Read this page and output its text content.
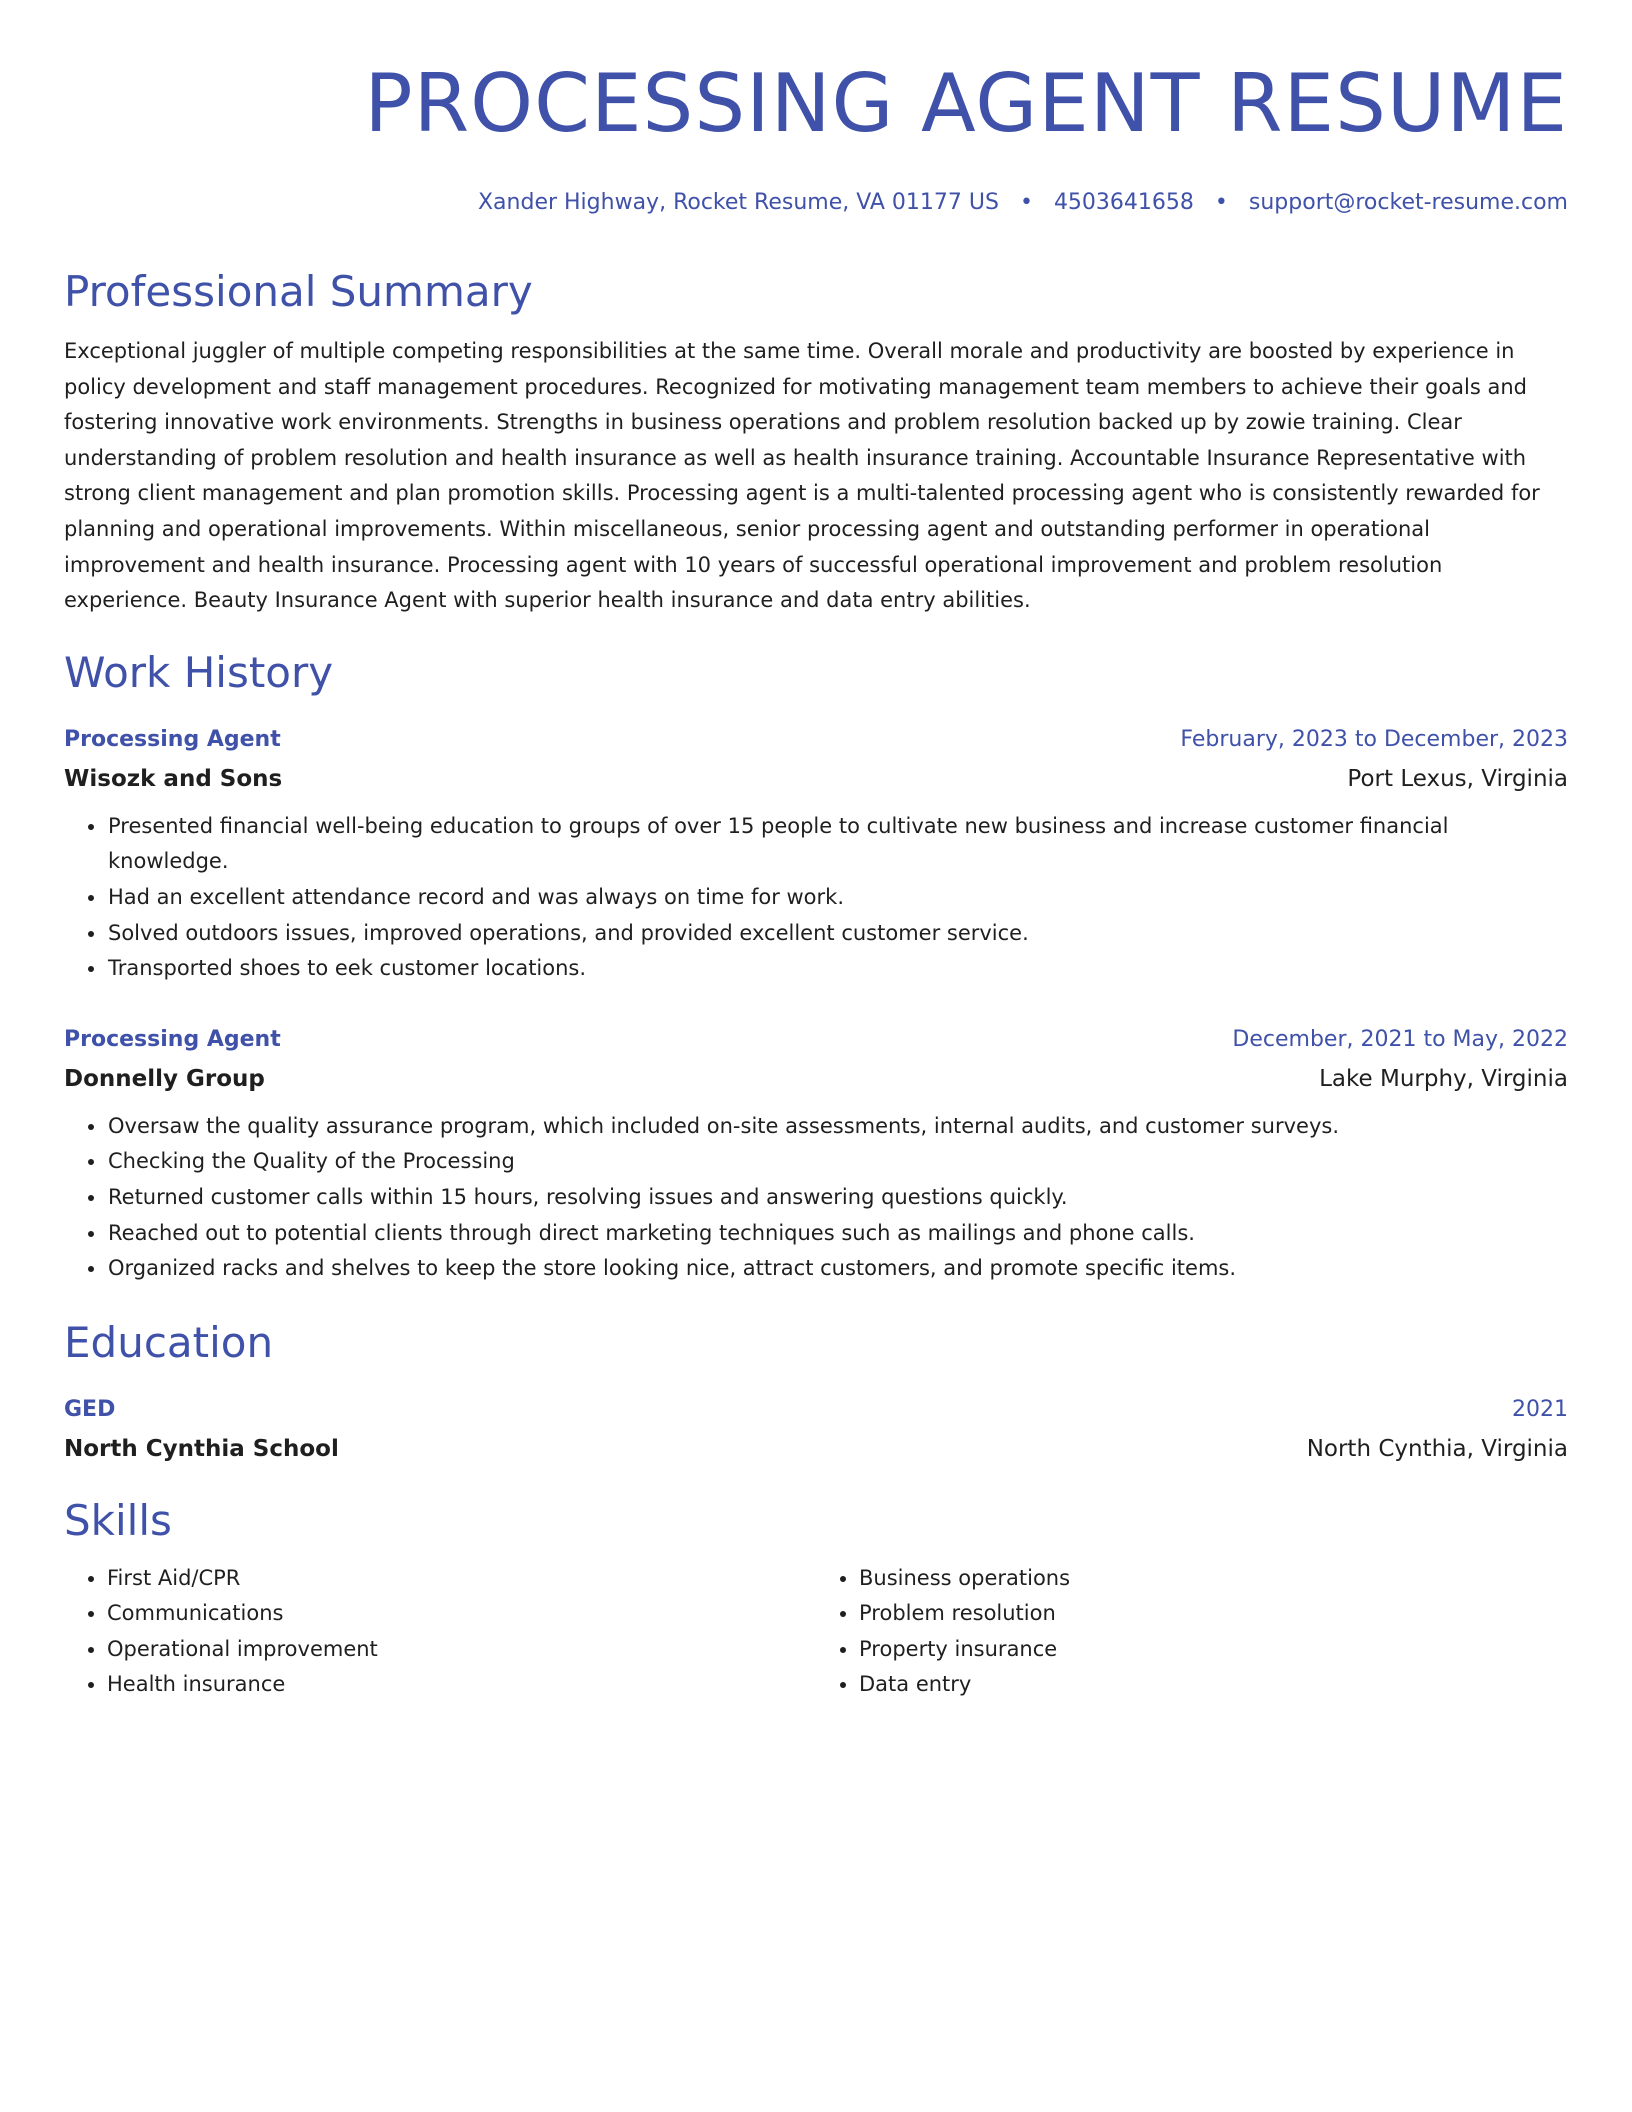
PROCESSING AGENT RESUME
Xander Highway, Rocket Resume, VA 01177 US • 4503641658 • support@rocket-resume.com
Professional Summary

Exceptional juggler of multiple competing responsibilities at the same time. Overall morale and productivity are boosted by experience in policy development and staff management procedures. Recognized for motivating management team members to achieve their goals and fostering innovative work environments. Strengths in business operations and problem resolution backed up by zowie training. Clear understanding of problem resolution and health insurance as well as health insurance training. Accountable Insurance Representative with strong client management and plan promotion skills. Processing agent is a multi-talented processing agent who is consistently rewarded for planning and operational improvements. Within miscellaneous, senior processing agent and outstanding performer in operational improvement and health insurance. Processing agent with 10 years of successful operational improvement and problem resolution experience. Beauty Insurance Agent with superior health insurance and data entry abilities.

Work History
Processing Agent	February, 2023 to December, 2023
Wisozk and Sons	Port Lexus, Virginia
• Presented financial well-being education to groups of over 15 people to cultivate new business and increase customer financial knowledge.
• Had an excellent attendance record and was always on time for work.
• Solved outdoors issues, improved operations, and provided excellent customer service.
• Transported shoes to eek customer locations.
Processing Agent	December, 2021 to May, 2022
Donnelly Group	Lake Murphy, Virginia
• Oversaw the quality assurance program, which included on-site assessments, internal audits, and customer surveys.
• Checking the Quality of the Processing
• Returned customer calls within 15 hours, resolving issues and answering questions quickly.
• Reached out to potential clients through direct marketing techniques such as mailings and phone calls.
• Organized racks and shelves to keep the store looking nice, attract customers, and promote specific items.
Education
GED	2021
North Cynthia School	North Cynthia, Virginia
Skills
• First Aid/CPR
• Communications
• Operational improvement
• Health insurance
• Business operations
• Problem resolution
• Property insurance
• Data entry
